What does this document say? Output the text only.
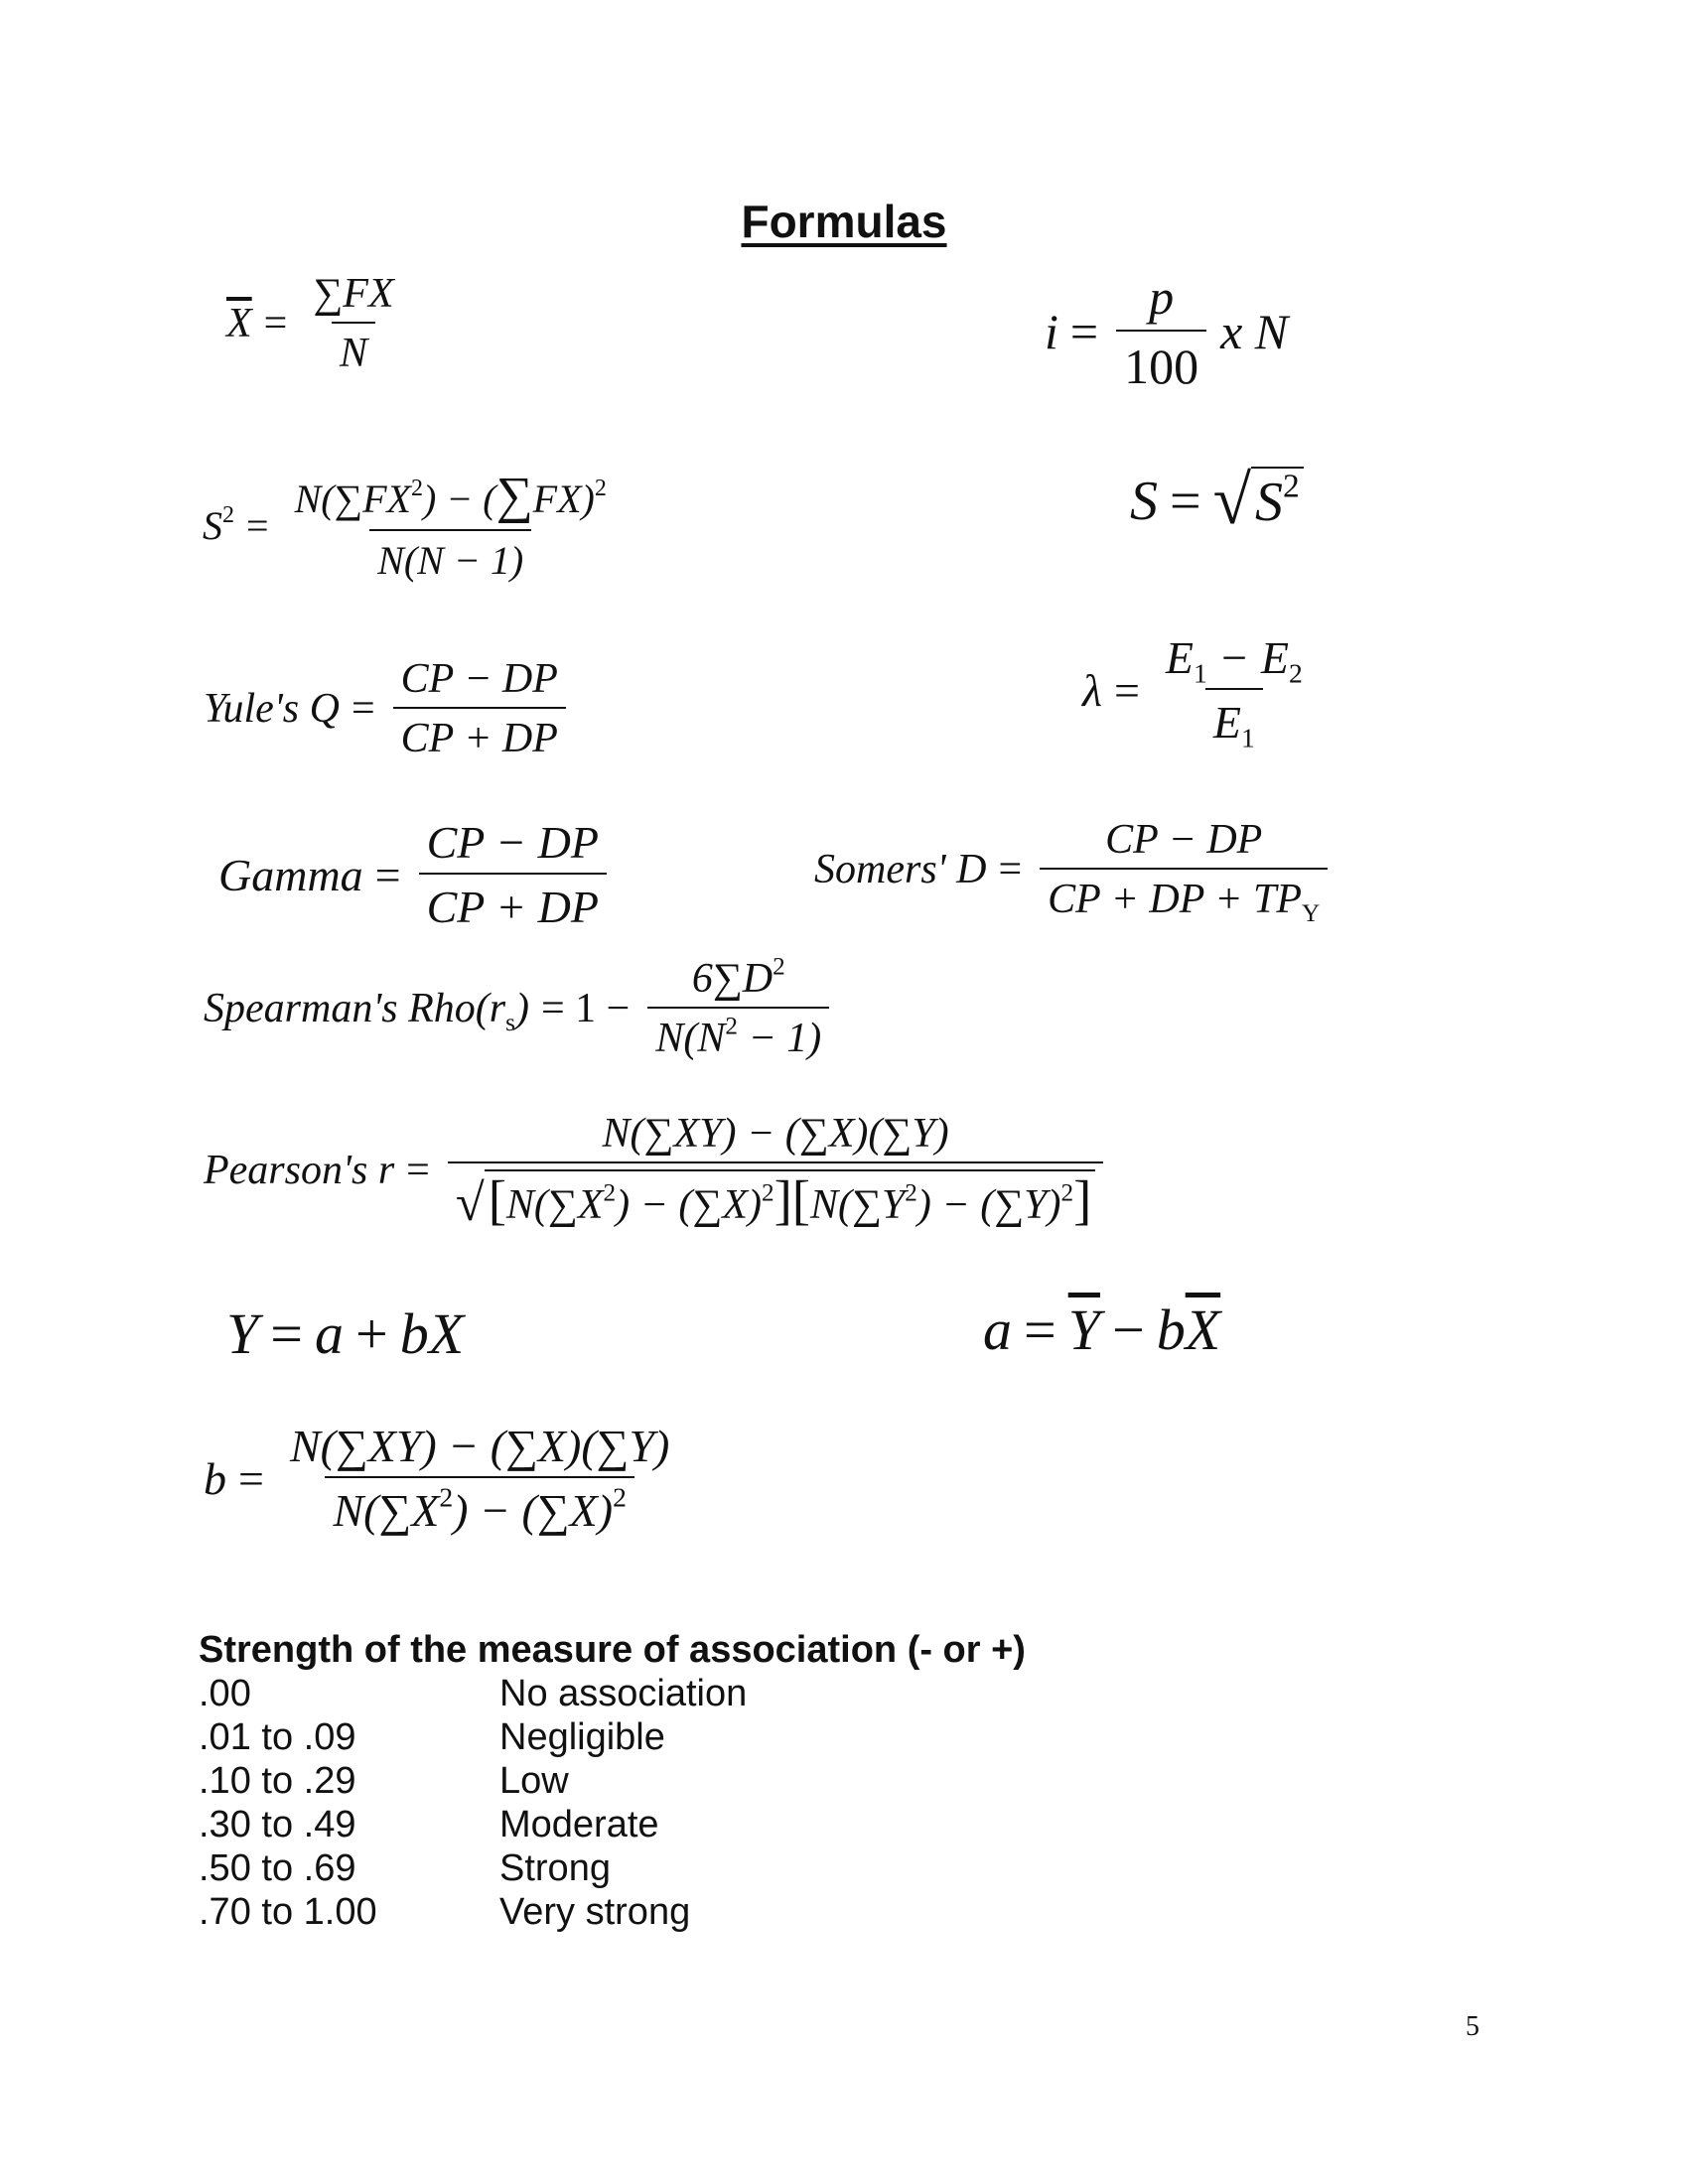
Formulas
$\overline{X} = \frac{\sum FX}{N}$	$i = \frac{p}{100}$ x N
$S^2 = \frac{N(\sum FX^2) - (\sum FX)^2}{N(N - 1)}$	S = √ $S^2$
Yule's $Q = \frac{CP - DP}{CP + DP}$	$\lambda = \frac{E_1 - E_2}{E_1}$
Gamma = $\frac{CP - DP}{CP + DP}$	Somers' $D = \frac{CP - DP}{CP + DP + TP_Y}$
Spearman's $Rho(r_s) = 1 - \frac{6\sum D^2}{N(N^2 - 1)}$
Pearson's $r = \frac{N(\sum XY) - (\sum X)(\sum Y)}{√ [N(\sum X^2) - (\sum X)^2][N(\sum Y^2) - (\sum Y)^2]}$
Y = a + bX	$a = \overline{Y} - b$ $\overline{X}$
$b = \frac{N(\sum XY) - (\sum X)(\sum Y)}{N(\sum X^2) - (\sum X)^2}$
Strength of the measure of association (- or +)
.00	No association
.01 to .09	Negligible
.10 to .29	Low
.30 to .49	Moderate
.50 to .69	Strong
.70 to 1.00	Very strong
5
